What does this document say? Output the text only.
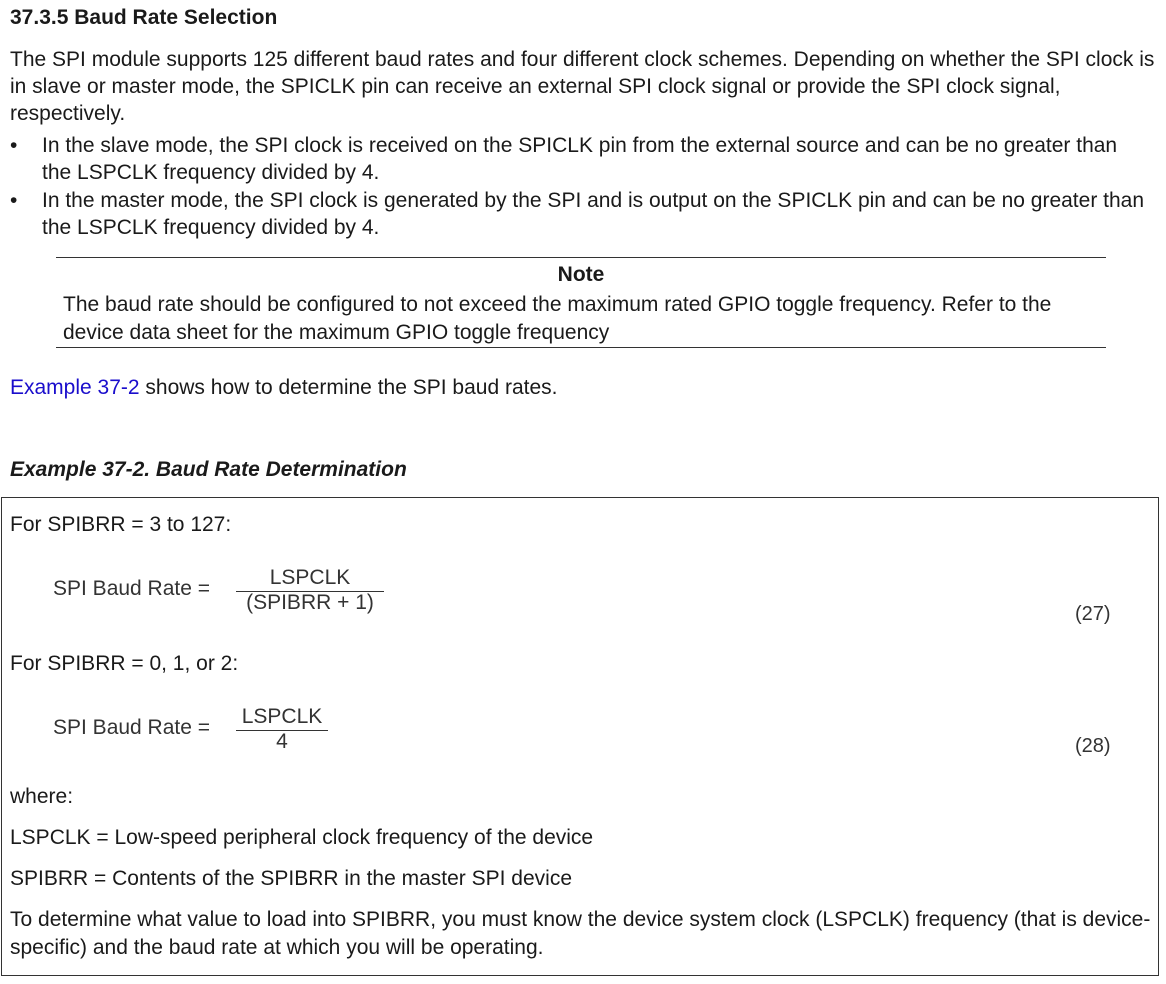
37.3.5 Baud Rate Selection
The SPI module supports 125 different baud rates and four different clock schemes. Depending on whether the SPI clock is in slave or master mode, the SPICLK pin can receive an external SPI clock signal or provide the SPI clock signal, respectively.
• In the slave mode, the SPI clock is received on the SPICLK pin from the external source and can be no greater than the LSPCLK frequency divided by 4.
• In the master mode, the SPI clock is generated by the SPI and is output on the SPICLK pin and can be no greater than the LSPCLK frequency divided by 4.
Note
The baud rate should be configured to not exceed the maximum rated GPIO toggle frequency. Refer to the device data sheet for the maximum GPIO toggle frequency
Example 37-2 shows how to determine the SPI baud rates.
Example 37-2. Baud Rate Determination
For SPIBRR = 3 to 127:
SPI Baud Rate =	LSPCLK
(SPIBRR + 1)	(27)
For SPIBRR = 0, 1, or 2:
SPI Baud Rate = LSPCLK
4	(28)
where:
LSPCLK = Low-speed peripheral clock frequency of the device
SPIBRR = Contents of the SPIBRR in the master SPI device
To determine what value to load into SPIBRR, you must know the device system clock (LSPCLK) frequency (that is device-specific) and the baud rate at which you will be operating.
